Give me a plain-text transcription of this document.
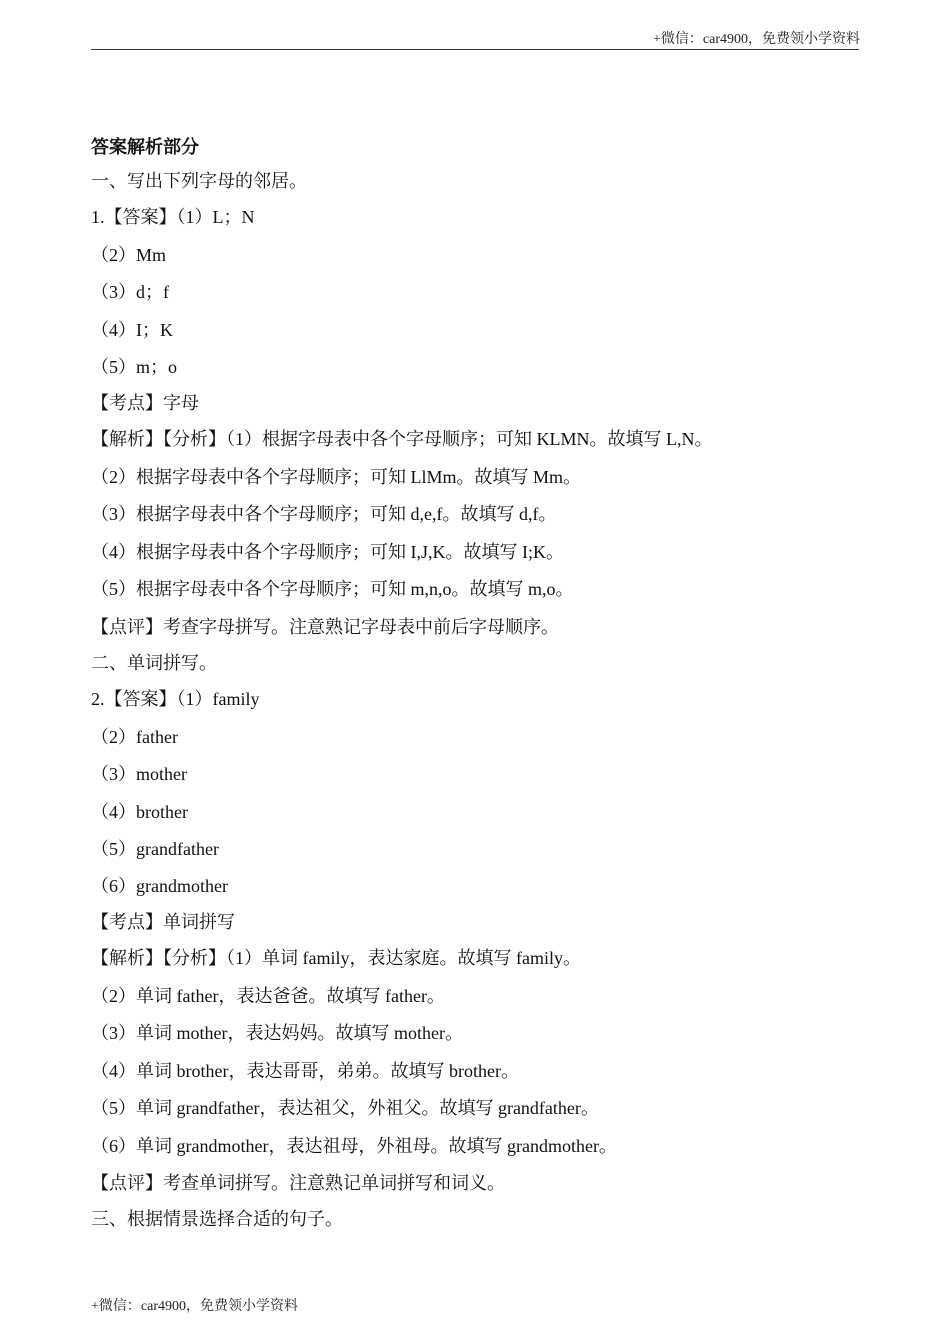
+微信：car4900，免费领小学资料
答案解析部分
一、写出下列字母的邻居。
1.【答案】（1）L；N
（2）Mm
（3）d；f
（4）I；K
（5）m；o
【考点】字母
【解析】【分析】（1）根据字母表中各个字母顺序；可知 KLMN。故填写 L,N。
（2）根据字母表中各个字母顺序；可知 LlMm。故填写 Mm。
（3）根据字母表中各个字母顺序；可知 d,e,f。故填写 d,f。
（4）根据字母表中各个字母顺序；可知 I,J,K。故填写 I;K。
（5）根据字母表中各个字母顺序；可知 m,n,o。故填写 m,o。
【点评】考查字母拼写。注意熟记字母表中前后字母顺序。
二、单词拼写。
2.【答案】（1）family
（2）father
（3）mother
（4）brother
（5）grandfather
（6）grandmother
【考点】单词拼写
【解析】【分析】（1）单词 family，表达家庭。故填写 family。
（2）单词 father，表达爸爸。故填写 father。
（3）单词 mother，表达妈妈。故填写 mother。
（4）单词 brother，表达哥哥，弟弟。故填写 brother。
（5）单词 grandfather，表达祖父，外祖父。故填写 grandfather。
（6）单词 grandmother，表达祖母，外祖母。故填写 grandmother。
【点评】考查单词拼写。注意熟记单词拼写和词义。
三、根据情景选择合适的句子。
+微信：car4900，免费领小学资料
